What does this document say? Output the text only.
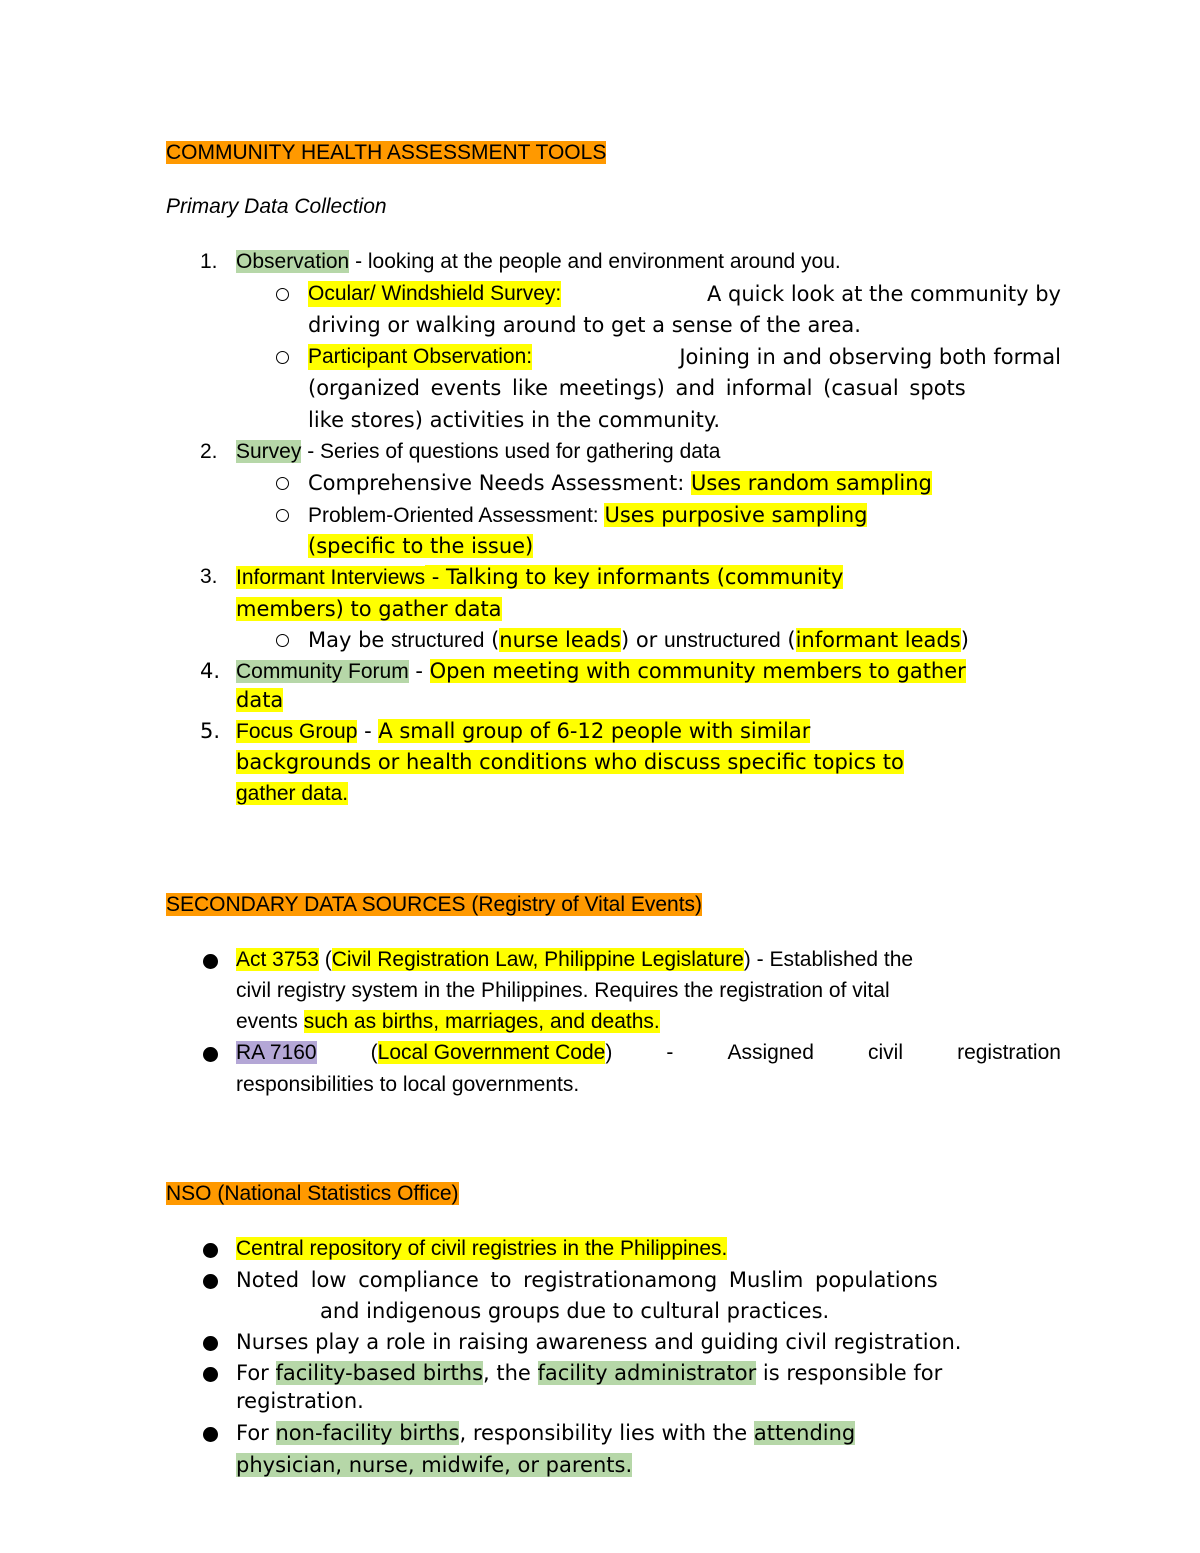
COMMUNITY HEALTH ASSESSMENT TOOLS
Primary Data Collection
1. Observation - looking at the people and environment around you.
Ocular/ Windshield Survey:	A quick look at the community by
driving or walking around to get a sense of the area.
Participant Observation:	Joining in and observing both formal
(organized events like meetings) and informal (casual spots
like stores) activities in the community.
2. Survey - Series of questions used for gathering data
Comprehensive Needs Assessment: Uses random sampling
Problem-Oriented Assessment: Uses purposive sampling
(specific to the issue)
3. Informant Interviews - Talking to key informants (community
members) to gather data
May be structured (nurse leads) or unstructured (informant leads)
4. Community Forum - Open meeting with community members to gather
data
5. Focus Group - A small group of 6-12 people with similar
backgrounds or health conditions who discuss specific topics to
gather data.
SECONDARY DATA SOURCES (Registry of Vital Events)
Act 3753 (Civil Registration Law, Philippine Legislature) - Established the
civil registry system in the Philippines. Requires the registration of vital
events such as births, marriages, and deaths.
RA 7160	(Local Government Code)	-	Assigned	civil	registration
responsibilities to local governments.
NSO (National Statistics Office)
Central repository of civil registries in the Philippines.
Noted low compliance to registrationamong Muslim populations
and indigenous groups due to cultural practices.
Nurses play a role in raising awareness and guiding civil registration.
For facility-based births, the facility administrator is responsible for
registration.
For non-facility births, responsibility lies with the attending
physician, nurse, midwife, or parents.
